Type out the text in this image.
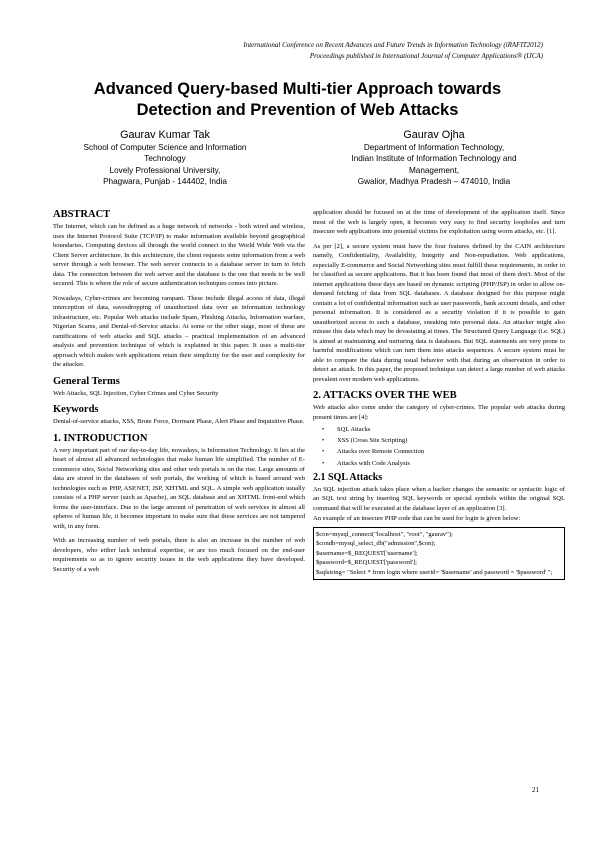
International Conference on Recent Advances and Future Trends in Information Technology (iRAFIT2012)
Proceedings published in International Journal of Computer Applications® (IJCA)
Advanced Query-based Multi-tier Approach towards
Detection and Prevention of Web Attacks
Gaurav Kumar Tak
School of Computer Science and Information
Technology
Lovely Professional University,
Phagwara, Punjab - 144402, India
Gaurav Ojha
Department of Information Technology,
Indian Institute of Information Technology and
Management,
Gwalior, Madhya Pradesh – 474010, India
ABSTRACT
The Internet, which can be defined as a huge network of networks - both wired and wireless, uses the Internet Protocol Suite (TCP/IP) to make information available beyond geographical boundaries. Computing devices all through the world connect to the World Wide Web via the Client Server architecture. In this architecture, the client requests some information from a web server through a web browser. The web server connects to a database server in turn to fetch data. The connection between the web server and the database is the one that needs to be well secured. This is where the role of secure authentication techniques comes into picture.
Nowadays, Cyber-crimes are becoming rampant. These include illegal access of data, illegal interception of data, eavesdropping of unauthorized data over an information technology infrastructure, etc. Popular Web attacks include Spam, Phishing Attacks, Information warfare, Nigerian Scams, and Denial-of-Service attacks. At some or the other stage, most of these are ramifications of web attacks and SQL attacks – practical implementation of an advanced analysis and prevention technique of which is explained in this paper. It uses a multi-tier approach which makes web applications retain their simplicity for the user and complexity for the attacker.
General Terms
Web Attacks, SQL Injection, Cyber Crimes and Cyber Security
Keywords
Denial-of-service attacks, XSS, Brute Force, Dormant Phase, Alert Phase and Inquisitive Phase.
1. INTRODUCTION
A very important part of our day-to-day life, nowadays, is Information Technology. It lies at the heart of almost all advanced technologies that make human life simplified. The number of E-commerce sites, Social Networking sites and other web portals is on the rise. Large amounts of data are stored in the databases of web portals, the working of which is based around web technologies such as PHP, ASP.NET, JSP, XHTML and SQL. A simple web application usually consists of a PHP server (such as Apache), an SQL database and an XHTML front-end which forms the user-interface. Due to the large amount of penetration of web services in almost all spheres of human life, it becomes important to make sure that these services are not tampered with, in any form.
With an increasing number of web portals, there is also an increase in the number of web developers, who either lack technical expertise, or are too much focused on the end-user requirements so as to ignore security issues in the web applications they have developed. Security of a web
application should be focused on at the time of development of the application itself. Since most of the web is largely open, it becomes very easy to find security loopholes and turn insecure web applications into potential victims for exploitation using worm attacks, etc. [1].
As per [2], a secure system must have the four features defined by the CAIN architecture namely, Confidentiality, Availability, Integrity and Non-repudiation. Web applications, especially E-commerce and Social Networking sites must fulfill these requirements, in order to be classified as secure applications. But it has been found that most of them don't. Most of the internet applications these days are based on dynamic scripting (PHP/JSP) in order to allow on-demand fetching of data from SQL databases. A database designed for this purpose might contain a lot of confidential information such as user passwords, bank account details, and other personal information. It is considered as a security violation if it is possible to gain unauthorized access to such a database, sneaking into personal data. An attacker might also misuse this data which may be devastating at times. The Structured Query Language (i.e. SQL) is aimed at maintaining and nurturing data is databases. But SQL statements are very prone to harmful modifications which can turn them into attacks sequences. A secure system must be able to compare the data during usual behavior with that during an observation in order to detect an attack. In this paper, the proposed technique can detect a large number of web attacks prevalent over modern web applications.
2. ATTACKS OVER THE WEB
Web attacks also come under the category of cyber-crimes. The popular web attacks during present times are [4]:
• SQL Attacks
• XSS (Cross Site Scripting)
• Attacks over Remote Connection
• Attacks with Code Analysis
2.1 SQL Attacks
An SQL injection attack takes place when a hacker changes the semantic or syntactic logic of an SQL text string by inserting SQL keywords or special symbols within the original SQL command that will be executed at the database layer of an application [3].
An example of an insecure PHP code that can be used for login is given below:
$con=mysql_connect("localhost", "root", "gaurav");
$condb=mysql_select_db("admission",$con);
$username=$_REQUEST['username'];
$password=$_REQUEST['password'];
$sqlstring= "Select * from login where userid= '$username' and password = '$password' ";
21
